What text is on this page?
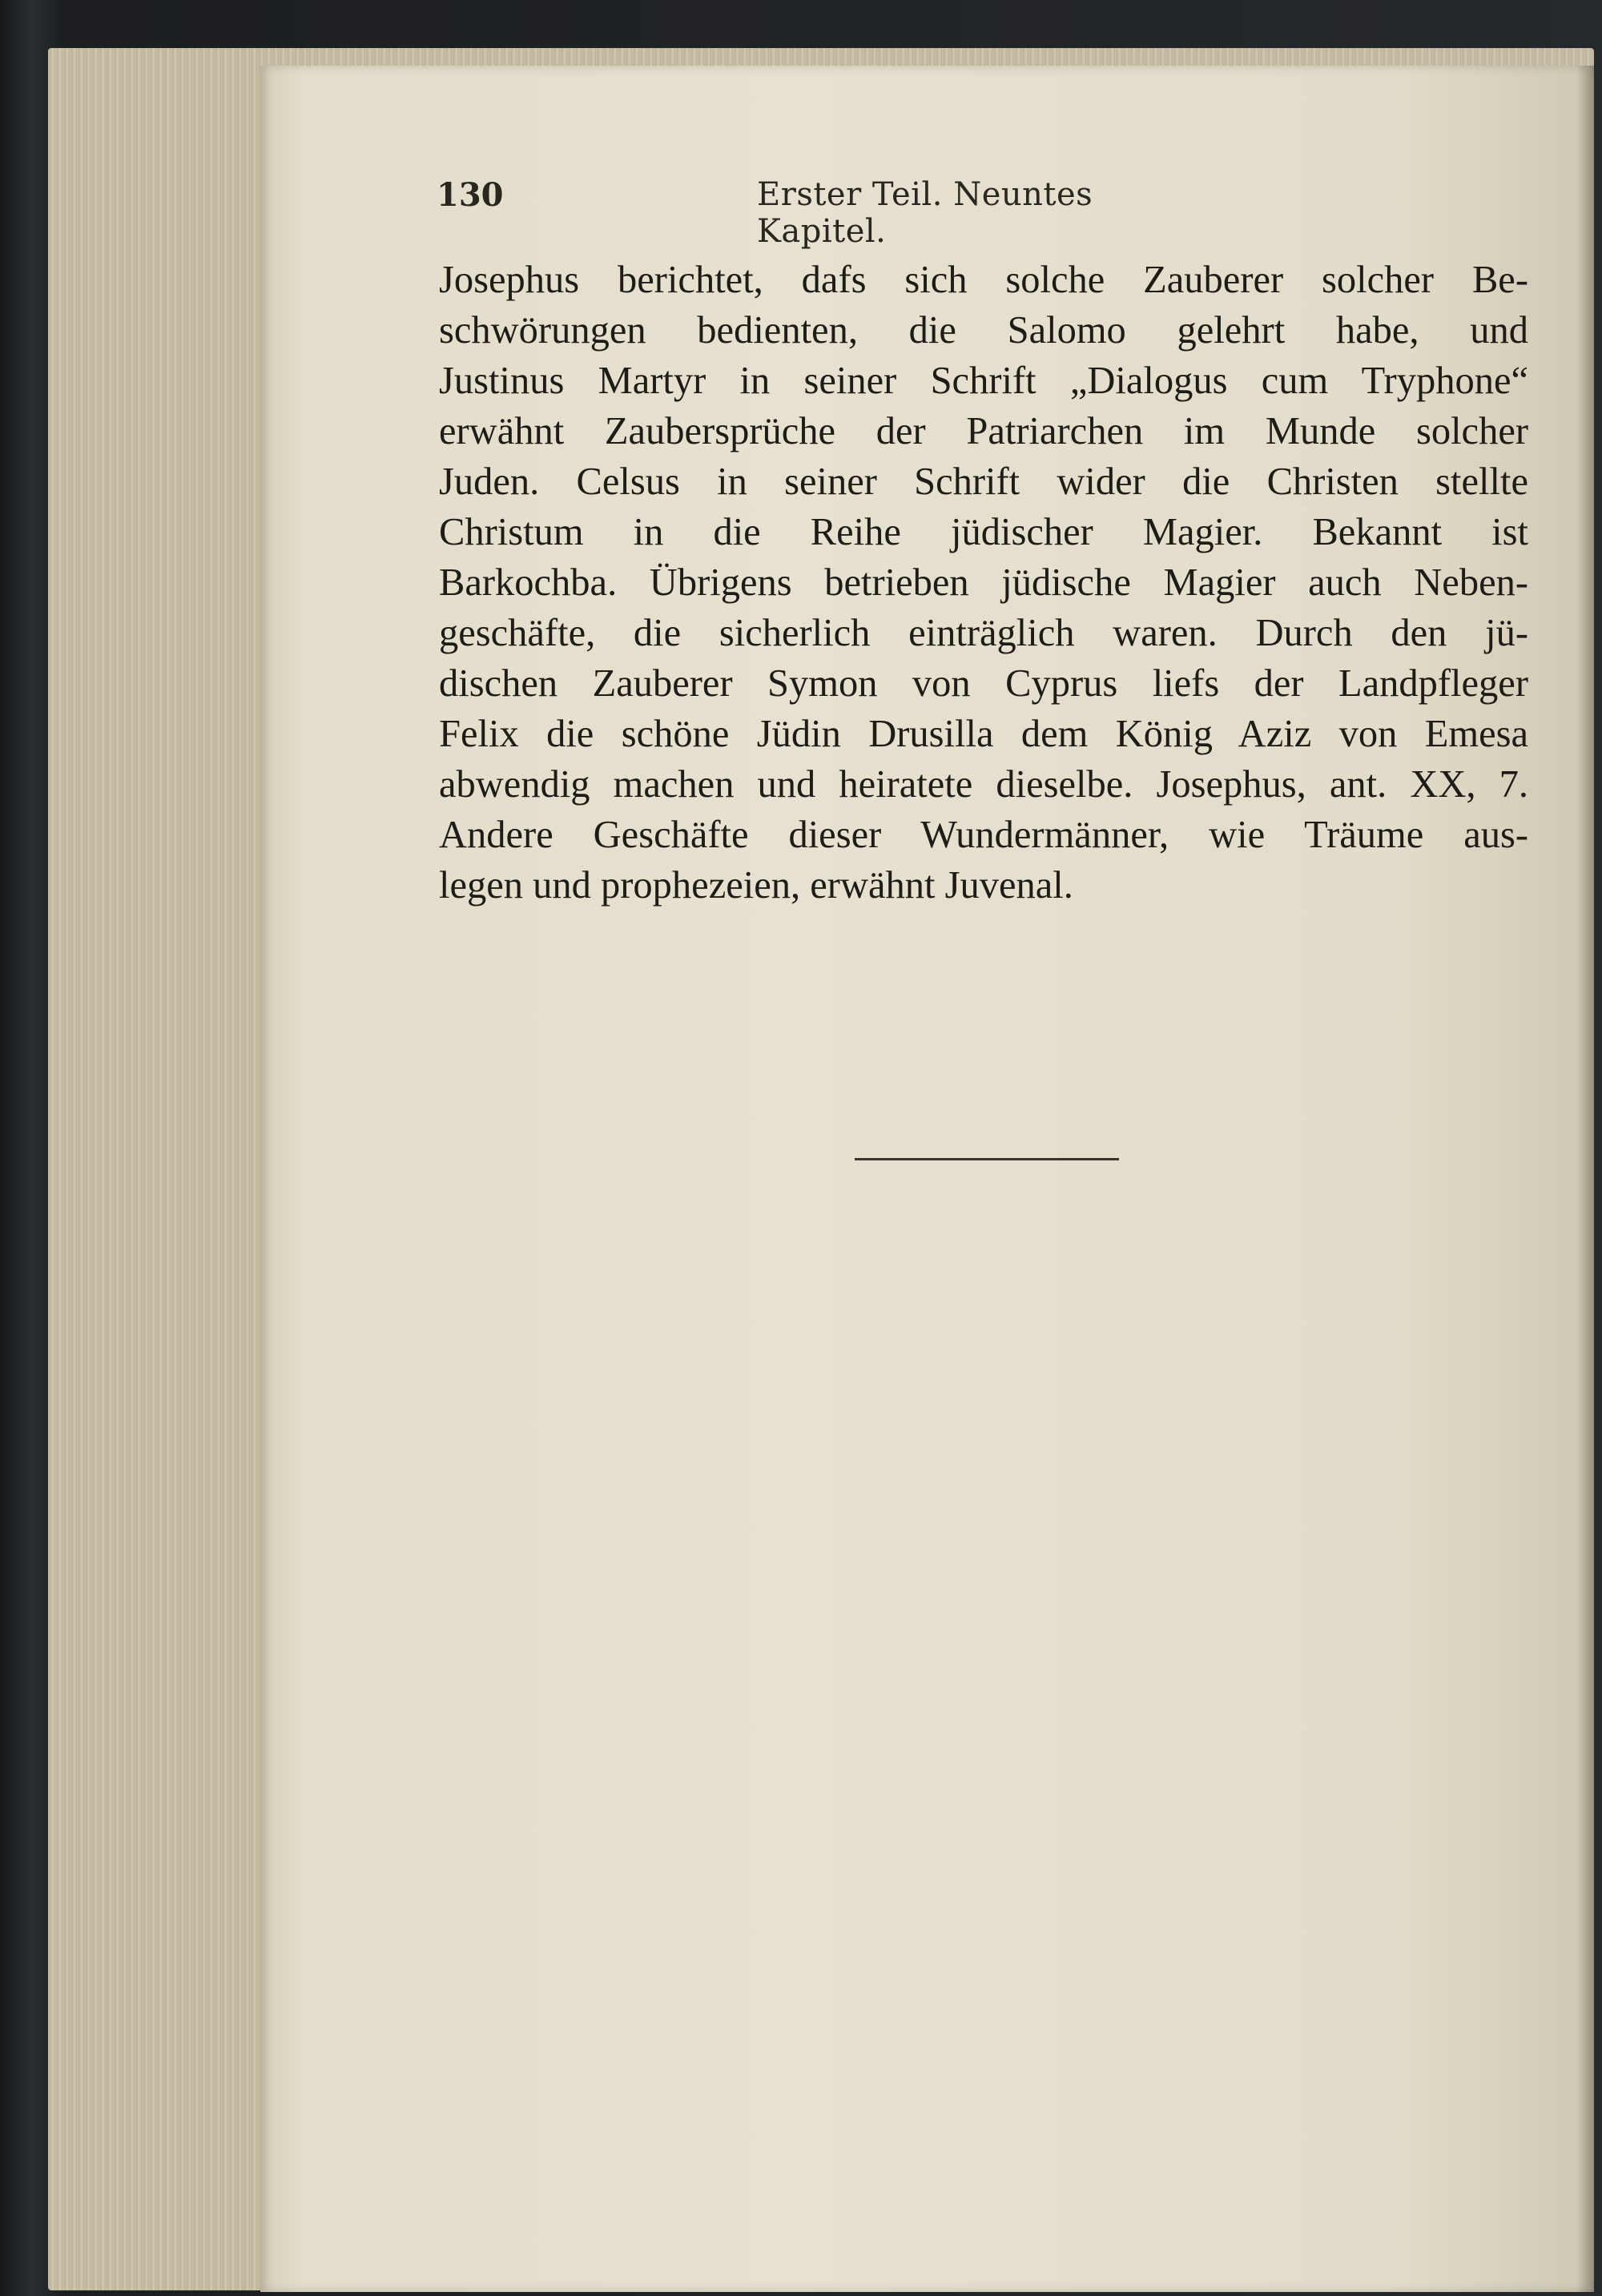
130	Erster Teil. Neuntes Kapitel.
Josephus berichtet, dafs sich solche Zauberer solcher Be-
schwörungen bedienten, die Salomo gelehrt habe, und
Justinus Martyr in seiner Schrift „Dialogus cum Tryphone“
erwähnt Zaubersprüche der Patriarchen im Munde solcher
Juden. Celsus in seiner Schrift wider die Christen stellte
Christum in die Reihe jüdischer Magier. Bekannt ist
Barkochba. Übrigens betrieben jüdische Magier auch Neben-
geschäfte, die sicherlich einträglich waren. Durch den jü-
dischen Zauberer Symon von Cyprus liefs der Landpfleger
Felix die schöne Jüdin Drusilla dem König Aziz von Emesa
abwendig machen und heiratete dieselbe. Josephus, ant. XX, 7.
Andere Geschäfte dieser Wundermänner, wie Träume aus-
legen und prophezeien, erwähnt Juvenal.
